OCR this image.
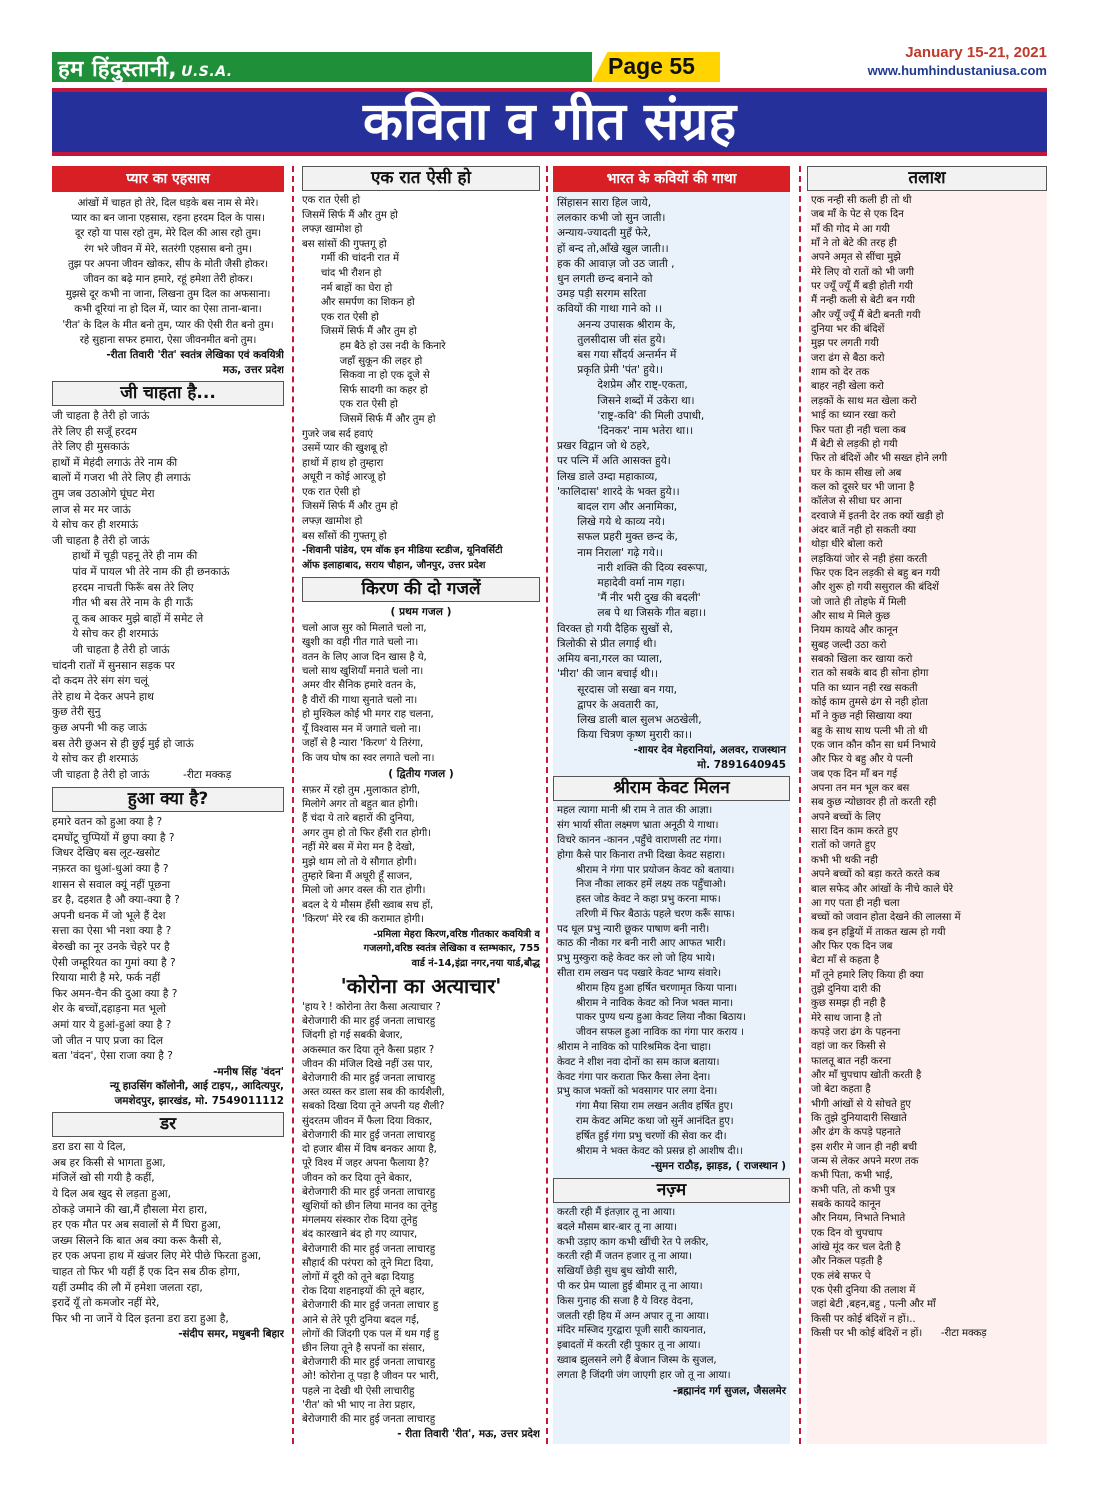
हम हिंदुस्तानी, U.S.A.	Page 55
January 15-21, 2021
www.humhindustaniusa.com
कविता व गीत संग्रह
प्यार का एहसास
आंखों में चाहत हो तेरे, दिल धड़के बस नाम से मेरे।
प्यार का बन जाना एहसास, रहना हरदम दिल के पास।
दूर रहो या पास रहो तुम, मेरे दिल की आस रहो तुम।
रंग भरे जीवन में मेरे, सतरंगी एहसास बनो तुम।
तुझ पर अपना जीवन खोकर, सीप के मोती जैसी होकर।
जीवन का बढ़े मान हमारे, रहूं हमेशा तेरी होकर।
मुझसे दूर कभी ना जाना, लिखना तुम दिल का अफसाना।
कभी दूरियां ना हो दिल में, प्यार का ऐसा ताना-बाना।
'रीत' के दिल के मीत बनो तुम, प्यार की ऐसी रीत बनो तुम।
रहे सुहाना सफर हमारा, ऐसा जीवनमीत बनो तुम।
-रीता तिवारी 'रीत' स्वतंत्र लेखिका एवं कवयित्री
मऊ, उत्तर प्रदेश
जी चाहता है...
जी चाहता है तेरी हो जाऊं
तेरे लिए ही सजूँ हरदम
तेरे लिए ही मुसकाऊं
हाथों में मेहंदी लगाऊं तेरे नाम की
बालों में गजरा भी तेरे लिए ही लगाऊं
तुम जब उठाओगे घूंघट मेरा
लाज से मर मर जाऊं
ये सोच कर ही शरमाऊं
जी चाहता है तेरी हो जाऊं
हाथों में चूड़ी पहनू तेरे ही नाम की
पांव में पायल भी तेरे नाम की ही छनकाऊं
हरदम नाचती फिरूँ बस तेरे लिए
गीत भी बस तेरे नाम के ही गाऊँ
तू कब आकर मुझे बाहों में समेट ले
ये सोच कर ही शरमाऊं
जी चाहता है तेरी हो जाऊं
चांदनी रातों में सुनसान सड़क पर
दो कदम तेरे संग संग चलूं
तेरे हाथ मे देकर अपने हाथ
कुछ तेरी सुनु
कुछ अपनी भी कह जाऊं
बस तेरी छुअन से ही छुई मुई हो जाऊं
ये सोच कर ही शरमाऊं
जी चाहता है तेरी हो जाऊं          -रीटा मक्कड़
हुआ क्या है?
हमारे वतन को हुआ क्या है ?
दमघोंटू चुप्पियों में छुपा क्या है ?
जिधर देखिए बस लूट-खसोट
नफ़रत का धुआं-धुआं क्या है ?
शासन से सवाल क्यूं नहीं पूछना
डर है, दहशत है औ क्या-क्या है ?
अपनी धनक में जो भूले हैं देश
सत्ता का ऐसा भी नशा क्या है ?
बेरुखी का नूर उनके चेहरे पर है
ऐसी जम्हूरियत का गुमां क्या है ?
रियाया मारी है मरे, फर्क नहीं
फिर अमन-चैन की दुआ क्या है ?
शेर के बच्चों,दहाड़ना मत भूलो
अमां यार ये हुआं-हुआं क्या है ?
जो जीत न पाए प्रजा का दिल
बता 'वंदन', ऐसा राजा क्या है ?
-मनीष सिंह 'वंदन'
न्यू हाउसिंग कॉलोनी, आई टाइप,, आदित्यपुर,
जमशेदपुर, झारखंड, मो. 7549011112
डर
डरा डरा सा ये दिल,
अब हर किसी से भागता हुआ,
मंजिलें खो सी गयी है कहीं,
ये दिल अब खुद से लड़ता हुआ,
ठोकड़े जमाने की खा,मैं हौसला मेरा हारा,
हर एक मौत पर अब सवालों से मैं घिरा हुआ,
जख्म सिलने कि बात अब क्या करू कैसी से,
हर एक अपना हाथ में खंजर लिए मेरे पीछे फिरता हुआ,
चाहत तो फिर भी यहीं हैं एक दिन सब ठीक होगा,
यहीं उम्मीद की लौ में हमेशा जलता रहा,
इरादें यूँ तो कमजोर नहीं मेरे,
फिर भी ना जानें ये दिल इतना डरा डरा हुआ है,
-संदीप समर, मधुबनी बिहार
एक रात ऐसी हो
एक रात ऐसी हो
जिसमें सिर्फ मैं और तुम हो
लफ्ज़ खामोश हो
बस सांसों की गुफ्तगू हो
गर्मी की चांदनी रात में
चांद भी रौशन हो
नर्म बाहों का घेरा हो
और समर्पण का शिकन हो
एक रात ऐसी हो
जिसमें सिर्फ मैं और तुम हो
हम बैठे हो उस नदी के किनारे
जहाँ सुकून की लहर हो
सिकवा ना हो एक दूजे से
सिर्फ सादगी का कहर हो
एक रात ऐसी हो
जिसमें सिर्फ मैं और तुम हो
गुजरे जब सर्द हवाएं
उसमें प्यार की खुशबू हो
हाथों में हाथ हो तुम्हारा
अधूरी न कोई आरजू हो
एक रात ऐसी हो
जिसमें सिर्फ मैं और तुम हो
लफ्ज़ खामोश हो
बस साँसों की गुफ्तगू हो
-शिवानी पांडेय, एम वॉक इन मीडिया स्टडीज, यूनिवर्सिटी
ऑफ इलाहाबाद, सराय चौहान, जौनपुर, उत्तर प्रदेश
किरण की दो गजलें
( प्रथम गजल )
चलो आज सुर को मिलाते चलो ना,
खुशी का वही गीत गाते चलो ना।
वतन के लिए आज दिन खास है ये,
चलो साथ खुशियाँ मनाते चलो ना।
अमर वीर सैनिक हमारे वतन के,
है वीरों की गाथा सुनाते चलो ना।
हो मुश्किल कोई भी मगर राह चलना,
यूँ विश्वास मन में जगाते चलो ना।
जहाँ से है न्यारा 'किरण' ये तिरंगा,
कि जय घोष का स्वर लगाते चलो ना।
( द्वितीय गजल )
सफ़र में रहो तुम ,मुलाकात होगी,
मिलोगे अगर तो बहुत बात होगी।
हैं चंदा ये तारे बहारों की दुनिया,
अगर तुम हो तो फिर हँसी रात होगी।
नहीं मेरे बस में मेरा मन है देखो,
मुझे थाम लो तो ये सौगात होगी।
तुम्हारे बिना मैं अधूरी हूँ साजन,
मिलो जो अगर वस्ल की रात होगी।
बदल दे ये मौसम हँसी ख्वाब सच हों,
'किरण' मेरे रब की करामात होगी।
-प्रमिला मेहरा किरण,वरिष्ठ गीतकार कवयित्री व
गजलगो,वरिष्ठ स्वतंत्र लेखिका व स्तम्भकार, 755
वार्ड नं-14,इंद्रा नगर,नया यार्ड,बौद्ध
'कोरोना का अत्याचार'
'हाय रे ! कोरोना तेरा कैसा अत्याचार ?
बेरोजगारी की मार हुई जनता लाचारहु
जिंदगी हो गई सबकी बेजार,
अकस्मात कर दिया तूने कैसा प्रहार ?
जीवन की मंजिल दिखे नहीं उस पार,
बेरोजगारी की मार हुई जनता लाचारहु
अस्त व्यस्त कर डाला सब की कार्यशैली,
सबको दिखा दिया तूने अपनी यह शैली?
सुंदरतम जीवन में फैला दिया विकार,
बेरोजगारी की मार हुई जनता लाचारहु
दो हजार बीस में विष बनकर आया है,
पूरे विश्व में जहर अपना फैलाया है?
जीवन को कर दिया तूने बेकार,
बेरोजगारी की मार हुई जनता लाचारहु
खुशियों को छीन लिया मानव का तूनेहु
मंगलमय संस्कार रोक दिया तूनेहु
बंद कारखाने बंद हो गए व्यापार,
बेरोजगारी की मार हुई जनता लाचारहु
सौहार्द की परंपरा को तूने मिटा दिया,
लोगों में दूरी को तूने बढ़ा दियाहु
रोक दिया शहनाइयों की तूने बहार,
बेरोजगारी की मार हुई जनता लाचार हु
आने से तेरे पूरी दुनिया बदल गई,
लोगों की जिंदगी एक पल में थम गई हु
छीन लिया तूने है सपनों का संसार,
बेरोजगारी की मार हुई जनता लाचारहु
ओ! कोरोना तू पड़ा है जीवन पर भारी,
पहले ना देखी थी ऐसी लाचारीहु
'रीत' को भी भाए ना तेरा प्रहार,
बेरोजगारी की मार हुई जनता लाचारहु
- रीता तिवारी 'रीत', मऊ, उत्तर प्रदेश
भारत के कवियों की गाथा
सिंहासन सारा हिल जाये,
ललकार कभी जो सुन जाती।
अन्याय-ज्यादती मुहँ फेरे,
हों बन्द तो,आँखे खुल जाती।।
हक की आवाज़ जो उठ जाती ,
धुन लगती छन्द बनाने को
उमड़ पड़ी सरगम सरिता
कवियों की गाथा गाने को ।।
अनन्य उपासक श्रीराम के,
तुलसीदास जी संत हुये।
बस गया सौंदर्य अन्तर्मन में
प्रकृति प्रेमी 'पंत' हुये।।
देशप्रेम और राष्ट्-एकता,
जिसने शब्दों में उकेरा था।
'राष्ट्र-कवि' की मिली उपाधी,
'दिनकर' नाम भतेरा था।।
प्रखर विद्वान जो थे ठहरे,
पर पत्नि में अति आसक्त हुये।
लिख डाले उम्दा महाकाव्य,
'कालिदास' शारदे के भक्त हुये।।
बादल राग और अनामिका,
लिखे गये थे काव्य नये।
सफल प्रहरी मुक्त छन्द के,
नाम निराला' गढ़े गये।।
नारी शक्ति की दिव्य स्वरूपा,
महादेवी वर्मा नाम गहा।
'मैं नीर भरी दुख की बदली'
लब पे था जिसके गीत बहा।।
विरक्त हो गयी दैहिक सुखों से,
त्रिलोकी से प्रीत लगाई थी।
अमिय बना,गरल का प्याला,
'मीरा' की जान बचाई थी।।
सूरदास जो सखा बन गया,
द्वापर के अवतारी का,
लिख डाली बाल सुलभ अठखेली,
किया चित्रण कृष्ण मुरारी का।।
-शायर देव मेहरानियां, अलवर, राजस्थान
मो. 7891640945
श्रीराम केवट मिलन
महल त्यागा मानी श्री राम ने तात की आज्ञा।
संग भार्या सीता लक्ष्मण भ्राता अनूठी ये गाथा।
विचरे कानन -कानन ,पहुँचे वाराणसी तट गंगा।
होगा कैसे पार किनारा तभी दिखा केवट सहारा।
श्रीराम ने गंगा पार प्रयोजन केवट को बताया।
निज नौका लाकर हमें लक्ष्य तक पहुँचाओ।
हस्त जोड केवट ने कहा प्रभु करना माफ।
तरिणी में फिर बैठाऊं पहले चरण करूँ साफ।
पद धूल प्रभु न्यारी छूकर पाषाण बनी नारी।
काठ की नौका गर बनी नारी आए आफत भारी।
प्रभु मुस्कुरा कहे केवट कर लो जो हिय भाये।
सीता राम लखन पद पखारे केवट भाग्य संवारे।
श्रीराम हिय हुआ हर्षित चरणामृत किया पाना।
श्रीराम ने नाविक केवट को निज भक्त माना।
पाकर पुण्य धन्य हुआ केवट लिया नौका बिठाय।
जीवन सफल हुआ नाविक का गंगा पार कराय ।
श्रीराम ने नाविक को पारिश्रमिक देना चाहा।
केवट ने शीश नवा दोनों का सम काज बताया।
केवट गंगा पार कराता फिर कैसा लेना देना।
प्रभु काज भक्तों को भवसागर पार लगा देना।
गंगा मैया सिया राम लखन अतीव हर्षित हुए।
राम केवट अमिट कथा जो सुनें आनंदित हुए।
हर्षित हुई गंगा प्रभु चरणों की सेवा कर दी।
श्रीराम ने भक्त केवट को प्रसन्न हो आशीष दी।।
-सुमन राठौड़, झाड़ड, ( राजस्थान )
नज़्म
करती रही मैं इंतज़ार तू ना आया।
बदले मौसम बार-बार तू ना आया।
कभी उड़ाए काग कभी खींची रेत पे लकीर,
करती रही मैं जतन हजार तू ना आया।
सखियाँ छेड़ी सुध बुध खोयी सारी,
पी कर प्रेम प्याला हुई बीमार तू ना आया।
किस गुनाह की सजा है ये विरह वेदना,
जलती रही हिय में अग्न अपार तू ना आया।
मंदिर मस्जिद गुरद्वारा पूजी सारी कायनात,
इबादतों में करती रही पुकार तू ना आया।
ख्वाब झुलसने लगे हैं बेजान जिस्म के सुजल,
लगता है जिंदगी जंग जाएगी हार जो तू ना आया।
-ब्रह्मानंद गर्ग सुजल, जैसलमेर
तलाश
एक नन्ही सी कली ही तो थी
जब माँ के पेट से एक दिन
माँ की गोद मे आ गयी
माँ ने तो बेटे की तरह ही
अपने अमृत से सींचा मुझे
मेरे लिए वो रातों को भी जगी
पर ज्यूँ ज्यूँ मैं बड़ी होती गयी
मैं नन्ही कली से बेटी बन गयी
और ज्यूँ ज्यूँ मैं बेटी बनती गयी
दुनिया भर की बंदिशें
मुझ पर लगती गयी
जरा ढंग से बैठा करो
शाम को देर तक
बाहर नही खेला करो
लड़कों के साथ मत खेला करो
भाई का ध्यान रखा करो
फिर पता ही नही चला कब
मैं बेटी से लड़की हो गयी
फिर तो बंदिशें और भी सख्त होने लगी
घर के काम सीख लो अब
कल को दूसरे घर भी जाना है
कॉलेज से सीधा घर आना
दरवाजे में इतनी देर तक क्यों खड़ी हो
अंदर बातें नही हो सकती क्या
थोड़ा धीरे बोला करो
लड़कियां जोर से नही हंसा करती
फिर एक दिन लड़की से बहु बन गयी
और शुरू हो गयी ससुराल की बंदिशें
जो जाते ही तोहफे में मिली
और साथ मे मिले कुछ
नियम कायदे और कानून
सुबह जल्दी उठा करो
सबको खिला कर खाया करो
रात को सबके बाद ही सोना होगा
पति का ध्यान नही रख सकती
कोई काम तुमसे ढंग से नही होता
माँ ने कुछ नही सिखाया क्या
बहु के साथ साथ पत्नी भी तो थी
एक जान कौन कौन सा धर्म निभाये
और फिर ये बहु और ये पत्नी
जब एक दिन माँ बन गई
अपना तन मन भूल कर बस
सब कुछ न्योछावर ही तो करती रही
अपने बच्चों के लिए
सारा दिन काम करते हुए
रातों को जगते हुए
कभी भी थकी नही
अपने बच्चों को बड़ा करते करते कब
बाल सफेद और आंखों के नीचे काले घेरे
आ गए पता ही नही चला
बच्चों को जवान होता देखने की लालसा में
कब इन हड्डियों में ताकत खत्म हो गयी
और फिर एक दिन जब
बेटा माँ से कहता है
माँ तूने हमारे लिए किया ही क्या
तुझे दुनिया दारी की
कुछ समझ ही नही है
मेरे साथ जाना है तो
कपड़े जरा ढंग के पहनना
वहां जा कर किसी से
फालतू बात नही करना
और माँ चुपचाप खोती करती है
जो बेटा कहता है
भीगी आंखों से ये सोचते हुए
कि तुझे दुनियादारी सिखाते
और ढंग के कपड़े पहनाते
इस शरीर मे जान ही नही बची
जन्म से लेकर अपने मरण तक
कभी पिता, कभी भाई,
कभी पति, तो कभी पुत्र
सबके कायदे कानून
और नियम, निभाते निभाते
एक दिन वो चुपचाप
आंखे मूंद कर चल देती है
और निकल पड़ती है
एक लंबे सफर पे
एक ऐसी दुनिया की तलाश में
जहां बेटी ,बहन,बहु , पत्नी और माँ
किसी पर कोई बंदिशें न हों।..
किसी पर भी कोई बंदिशें न हों।      -रीटा मक्कड़
